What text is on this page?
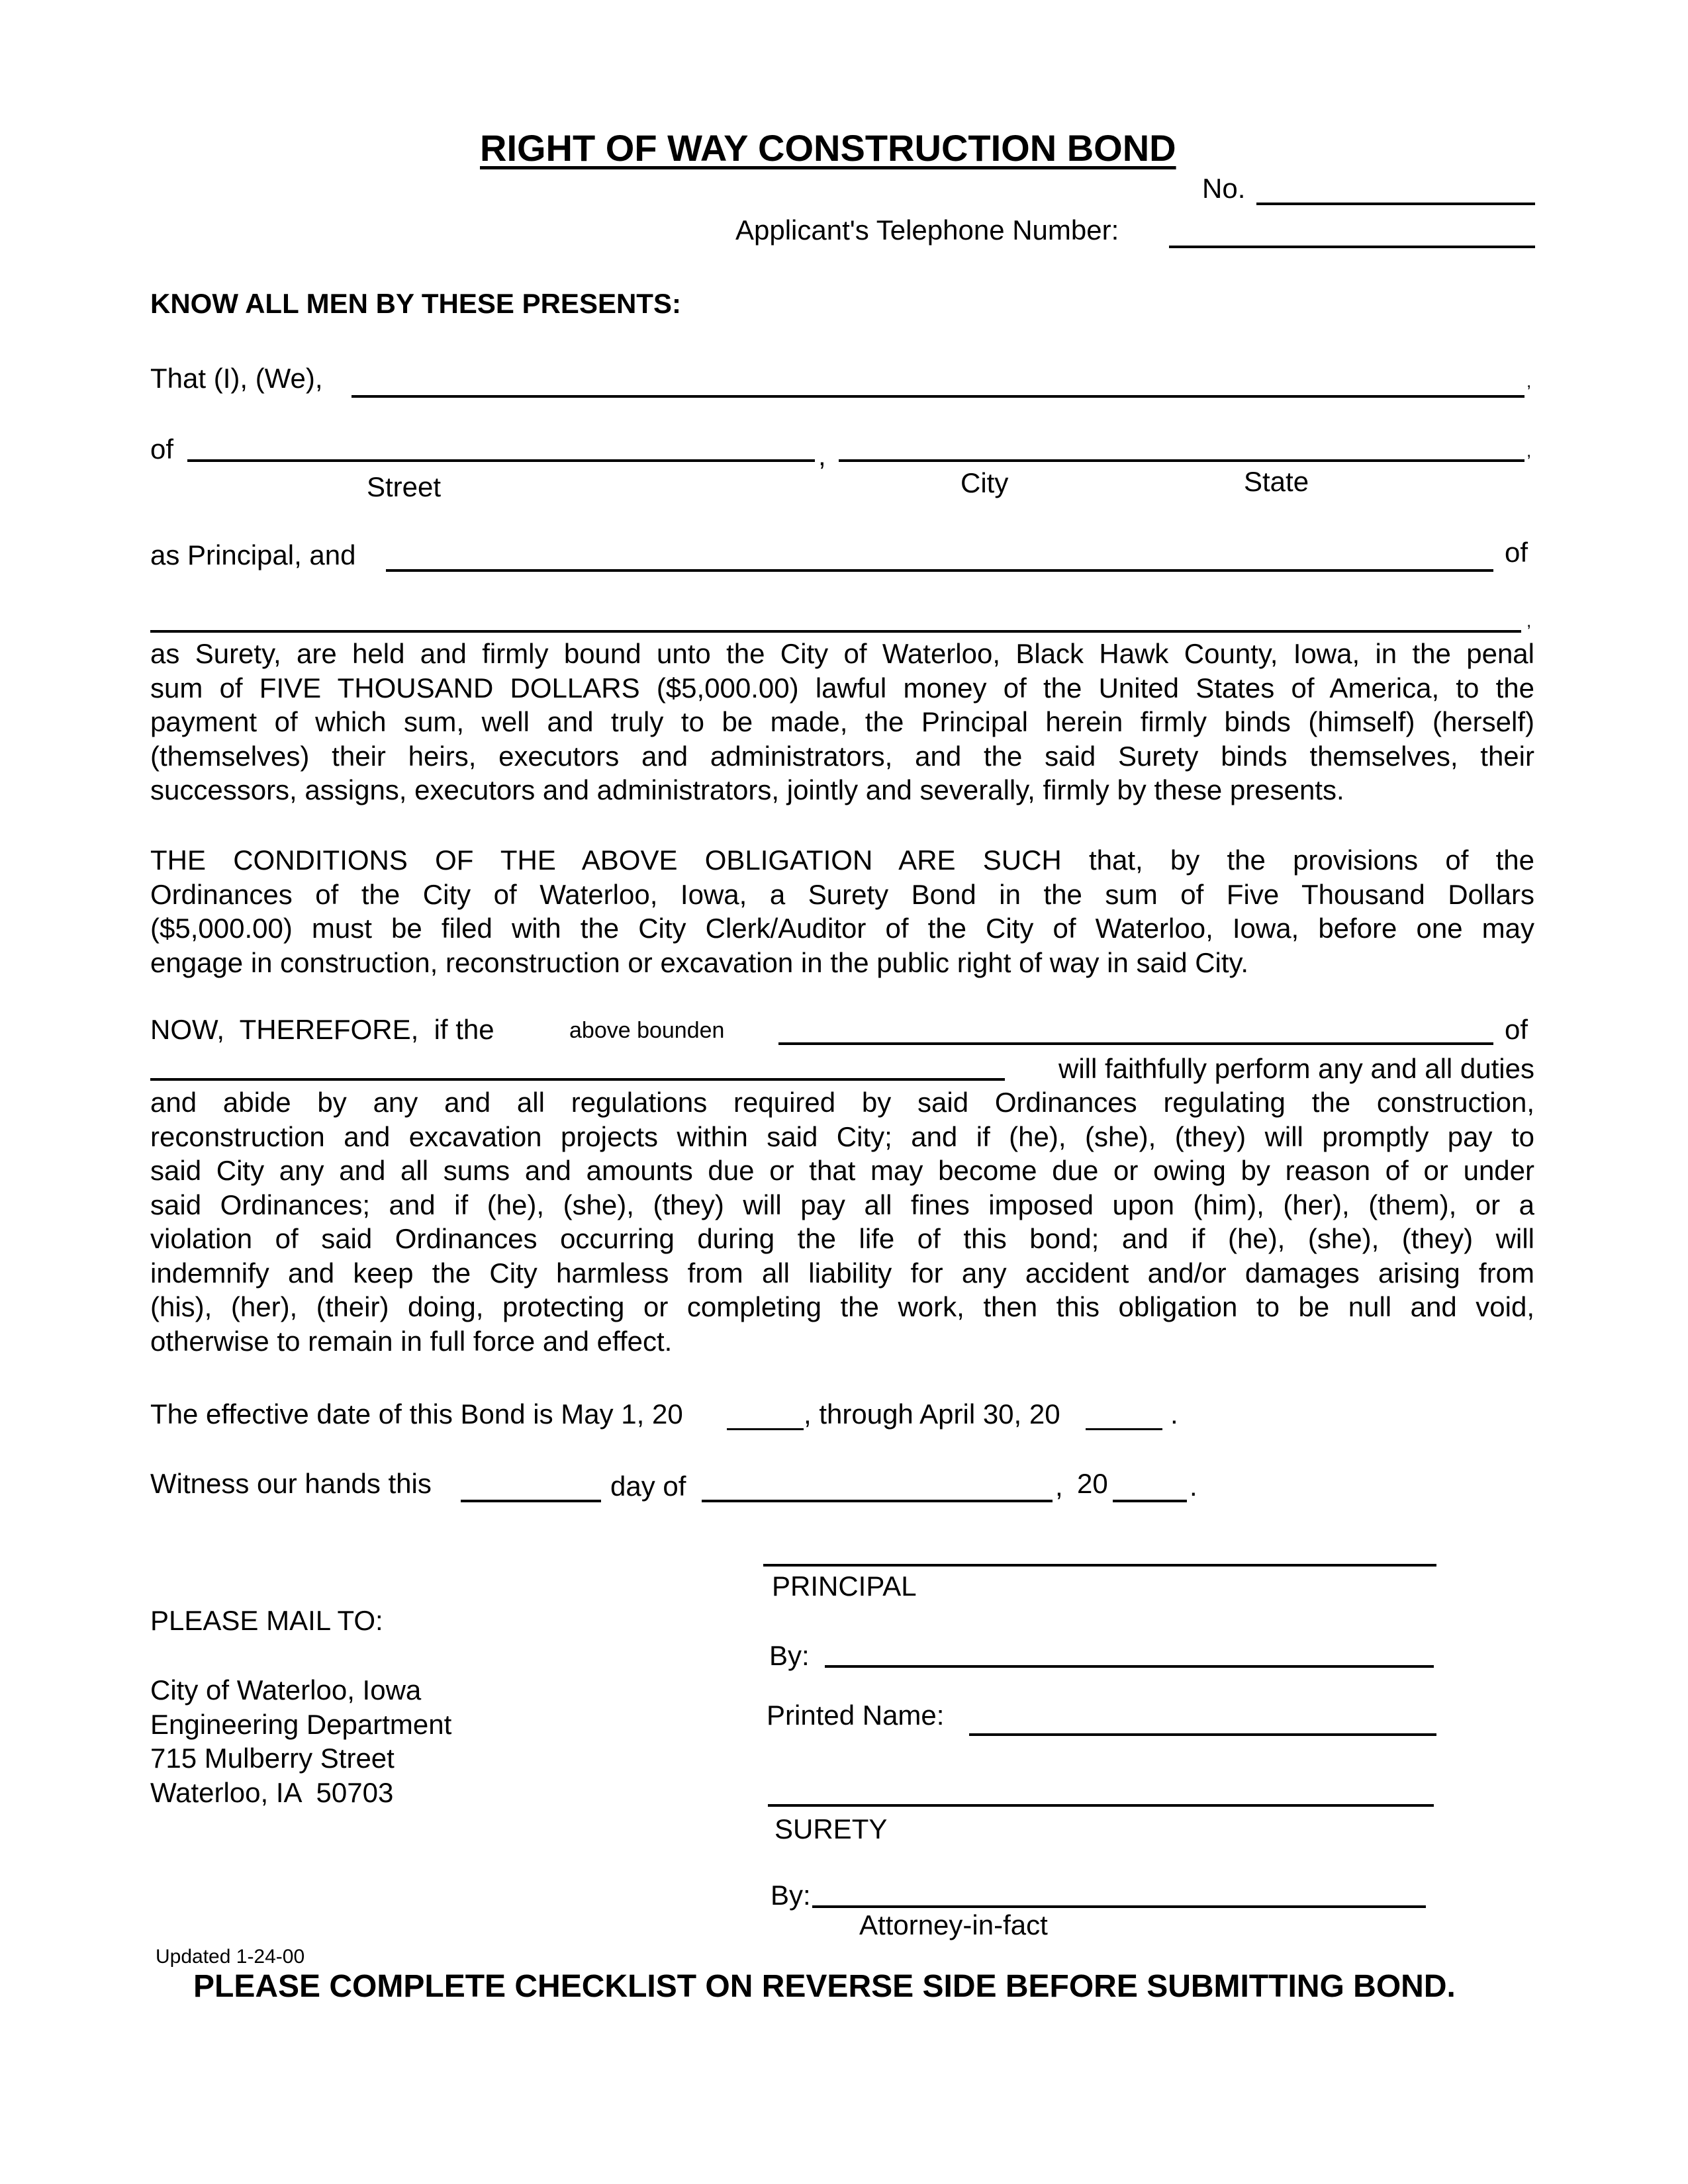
RIGHT OF WAY CONSTRUCTION BOND
No.
Applicant's Telephone Number:
KNOW ALL MEN BY THESE PRESENTS:
That (I), (We),	,
of	,	,
Street	City	State
as Principal, and	of
,
as Surety, are held and firmly bound unto the City of Waterloo, Black Hawk County, Iowa, in the penal
sum of FIVE THOUSAND DOLLARS ($5,000.00) lawful money of the United States of America, to the
payment of which sum, well and truly to be made, the Principal herein firmly binds (himself) (herself)
(themselves) their heirs, executors and administrators, and the said Surety binds themselves, their
successors, assigns, executors and administrators, jointly and severally, firmly by these presents.
THE CONDITIONS OF THE ABOVE OBLIGATION ARE SUCH that, by the provisions of the
Ordinances of the City of Waterloo, Iowa, a Surety Bond in the sum of Five Thousand Dollars
($5,000.00) must be filed with the City Clerk/Auditor of the City of Waterloo, Iowa, before one may
engage in construction, reconstruction or excavation in the public right of way in said City.
NOW,  THEREFORE,  if the	above bounden	of
will faithfully perform any and all duties
and abide by any and all regulations required by said Ordinances regulating the construction,
reconstruction and excavation projects within said City; and if (he), (she), (they) will promptly pay to
said City any and all sums and amounts due or that may become due or owing by reason of or under
said Ordinances; and if (he), (she), (they) will pay all fines imposed upon (him), (her), (them), or a
violation of said Ordinances occurring during the life of this bond; and if (he), (she), (they) will
indemnify and keep the City harmless from all liability for any accident and/or damages arising from
(his), (her), (their) doing, protecting or completing the work, then this obligation to be null and void,
otherwise to remain in full force and effect.
The effective date of this Bond is May 1, 20	, through April 30, 20	.
Witness our hands this	day of	, 20	.
PRINCIPAL
By:
Printed Name:
SURETY
By:
Attorney-in-fact
PLEASE MAIL TO:
City of Waterloo, Iowa
Engineering Department
715 Mulberry Street
Waterloo, IA  50703
Updated 1-24-00
PLEASE COMPLETE CHECKLIST ON REVERSE SIDE BEFORE SUBMITTING BOND.
